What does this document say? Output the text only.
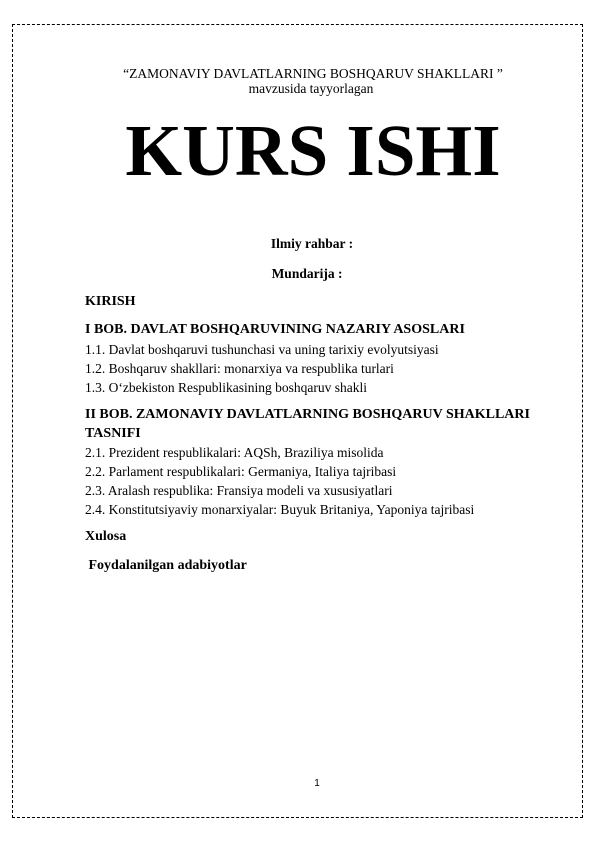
“ZAMONAVIY DAVLATLARNING BOSHQARUV SHAKLLARI ”
mavzusida tayyorlagan
KURS ISHI
Ilmiy rahbar :
Mundarija :
KIRISH
I BOB. DAVLAT BOSHQARUVINING NAZARIY ASOSLARI
1.1. Davlat boshqaruvi tushunchasi va uning tarixiy evolyutsiyasi
1.2. Boshqaruv shakllari: monarxiya va respublika turlari
1.3. O‘zbekiston Respublikasining boshqaruv shakli
II BOB. ZAMONAVIY DAVLATLARNING BOSHQARUV SHAKLLARI
TASNIFI
2.1. Prezident respublikalari: AQSh, Braziliya misolida
2.2. Parlament respublikalari: Germaniya, Italiya tajribasi
2.3. Aralash respublika: Fransiya modeli va xususiyatlari
2.4. Konstitutsiyaviy monarxiyalar: Buyuk Britaniya, Yaponiya tajribasi
Xulosa
Foydalanilgan adabiyotlar
1
